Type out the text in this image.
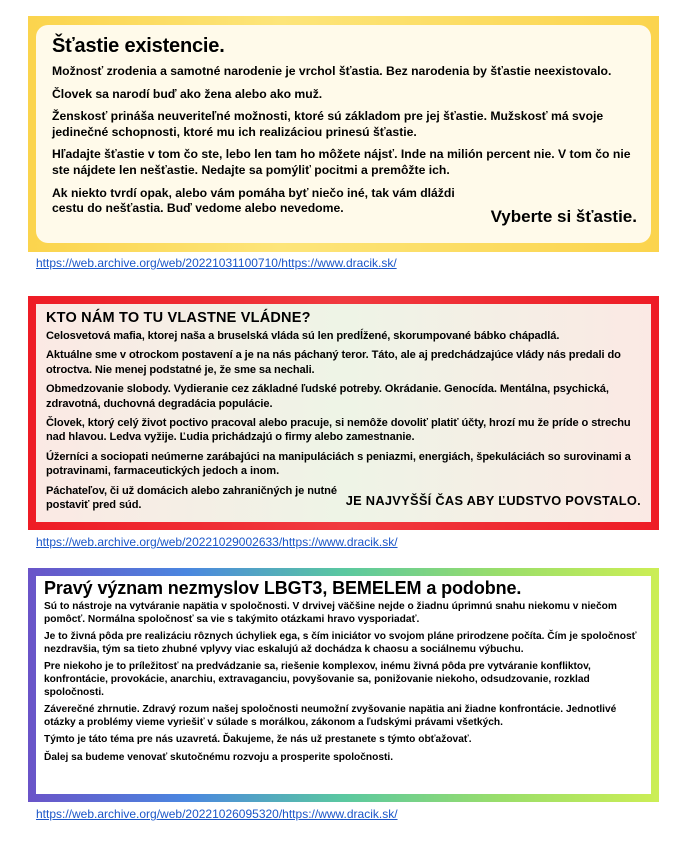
Šťastie existencie.

Možnosť zrodenia a samotné narodenie je vrchol šťastia. Bez narodenia by šťastie neexistovalo.

Človek sa narodí buď ako žena alebo ako muž.

Ženskosť prináša neuveriteľné možnosti, ktoré sú základom pre jej šťastie. Mužskosť má svoje jedinečné schopnosti, ktoré mu ich realizáciou prinesú šťastie.

Hľadajte šťastie v tom čo ste, lebo len tam ho môžete nájsť. Inde na milión percent nie. V tom čo nie ste nájdete len nešťastie. Nedajte sa pomýliť pocitmi a premôžte ich.

Ak niekto tvrdí opak, alebo vám pomáha byť niečo iné, tak vám dláždi cestu do nešťastia. Buď vedome alebo nevedome.	Vyberte si šťastie.
https://web.archive.org/web/20221031100710/https://www.dracik.sk/

KTO NÁM TO TU VLASTNE VLÁDNE?

Celosvetová mafia, ktorej naša a bruselská vláda sú len predĺžené, skorumpované bábko chápadlá.

Aktuálne sme v otrockom postavení a je na nás páchaný teror. Táto, ale aj predchádzajúce vlády nás predali do otroctva. Nie menej podstatné je, že sme sa nechali.

Obmedzovanie slobody. Vydieranie cez základné ľudské potreby. Okrádanie. Genocída. Mentálna, psychická, zdravotná, duchovná degradácia populácie.

Človek, ktorý celý život poctivo pracoval alebo pracuje, si nemôže dovoliť platiť účty, hrozí mu že príde o strechu nad hlavou. Ledva vyžije. Ľudia prichádzajú o firmy alebo zamestnanie.

Úžerníci a sociopati neúmerne zarábajúci na manipuláciách s peniazmi, energiách, špekuláciách so surovinami a potravinami, farmaceutických jedoch a inom.

Páchateľov, či už domácich alebo zahraničných je nutné postaviť pred súd.	JE NAJVYŠŠÍ ČAS ABY ĽUDSTVO POVSTALO.
https://web.archive.org/web/20221029002633/https://www.dracik.sk/

Pravý význam nezmyslov LBGT3, BEMELEM a podobne.

Sú to nástroje na vytváranie napätia v spoločnosti. V drvivej väčšine nejde o žiadnu úprimnú snahu niekomu v niečom pomôcť. Normálna spoločnosť sa vie s takýmito otázkami hravo vysporiadať.

Je to živná pôda pre realizáciu rôznych úchyliek ega, s čím iniciátor vo svojom pláne prirodzene počíta. Čím je spoločnosť nezdravšia, tým sa tieto zhubné vplyvy viac eskalujú až dochádza k chaosu a sociálnemu výbuchu.

Pre niekoho je to príležitosť na predvádzanie sa, riešenie komplexov, inému živná pôda pre vytváranie konfliktov, konfrontácie, provokácie, anarchiu, extravaganciu, povyšovanie sa, ponižovanie niekoho, odsudzovanie, rozklad spoločnosti.

Záverečné zhrnutie. Zdravý rozum našej spoločnosti neumožní zvyšovanie napätia ani žiadne konfrontácie. Jednotlivé otázky a problémy vieme vyriešiť v súlade s morálkou, zákonom a ľudskými právami všetkých.

Týmto je táto téma pre nás uzavretá. Ďakujeme, že nás už prestanete s týmto obťažovať.

Ďalej sa budeme venovať skutočnému rozvoju a prosperite spoločnosti.

https://web.archive.org/web/20221026095320/https://www.dracik.sk/
